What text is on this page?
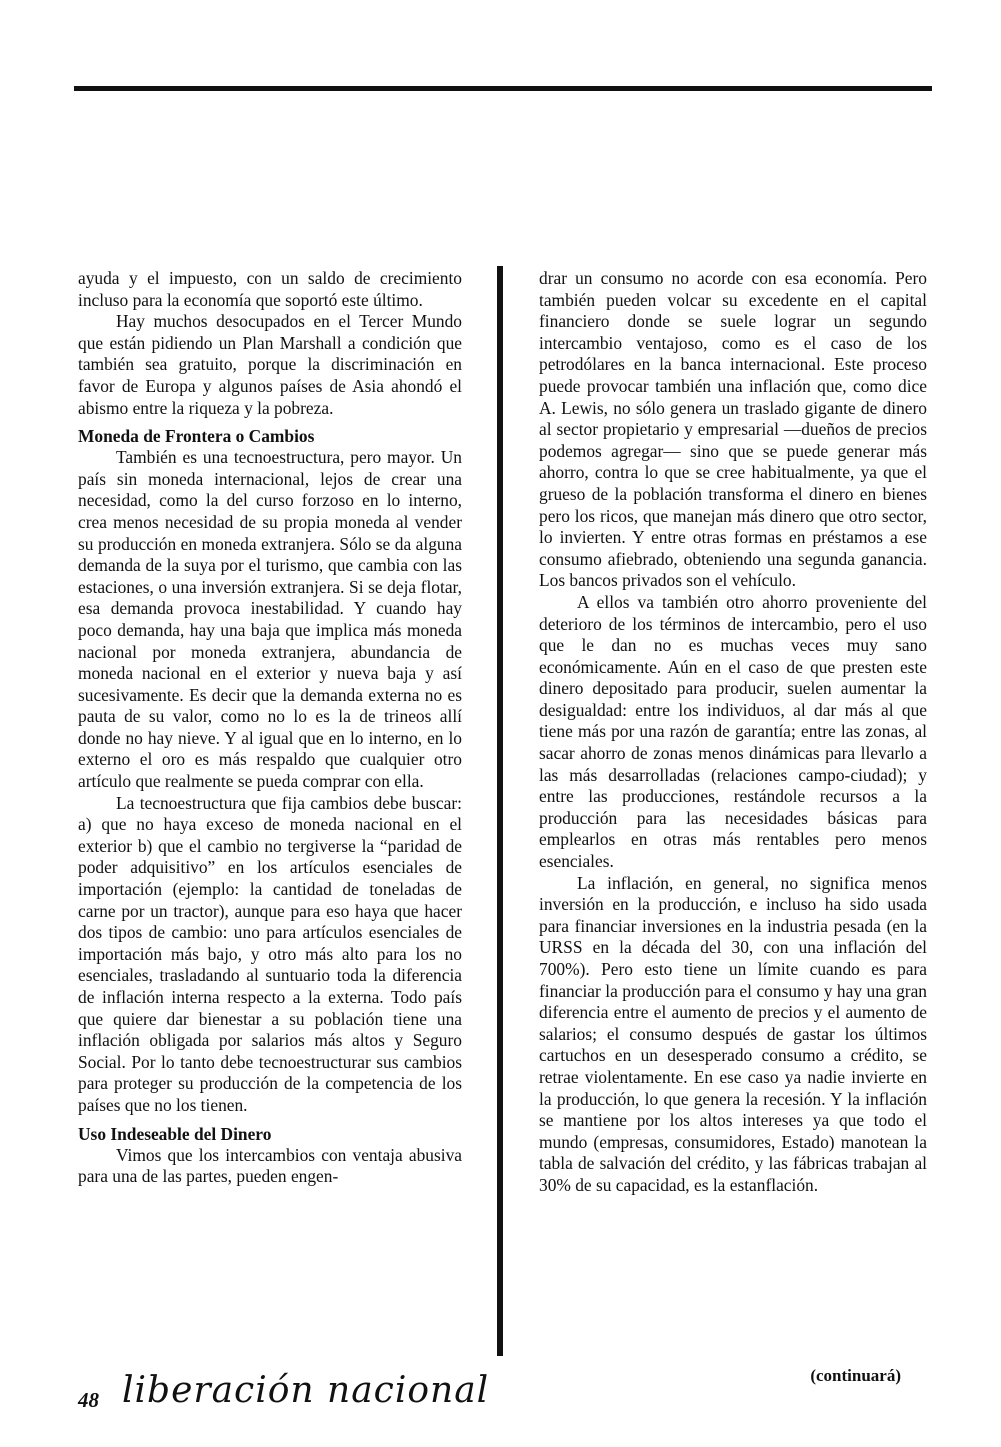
ayuda y el impuesto, con un saldo de crecimiento incluso para la economía que soportó este último.

Hay muchos desocupados en el Tercer Mundo que están pidiendo un Plan Marshall a condición que también sea gratuito, porque la discriminación en favor de Europa y algunos países de Asia ahondó el abismo entre la riqueza y la pobreza.

Moneda de Frontera o Cambios

También es una tecnoestructura, pero mayor. Un país sin moneda internacional, lejos de crear una necesidad, como la del curso forzoso en lo interno, crea menos necesidad de su propia moneda al vender su producción en moneda extranjera. Sólo se da alguna demanda de la suya por el turismo, que cambia con las estaciones, o una inversión extranjera. Si se deja flotar, esa demanda provoca inestabilidad. Y cuando hay poco demanda, hay una baja que implica más moneda nacional por moneda extranjera, abundancia de moneda nacional en el exterior y nueva baja y así sucesivamente. Es decir que la demanda externa no es pauta de su valor, como no lo es la de trineos allí donde no hay nieve. Y al igual que en lo interno, en lo externo el oro es más respaldo que cualquier otro artículo que realmente se pueda comprar con ella.

La tecnoestructura que fija cambios debe buscar: a) que no haya exceso de moneda nacional en el exterior b) que el cambio no tergiverse la “paridad de poder adquisitivo” en los artículos esenciales de importación (ejemplo: la cantidad de toneladas de carne por un tractor), aunque para eso haya que hacer dos tipos de cambio: uno para artículos esenciales de importación más bajo, y otro más alto para los no esenciales, trasladando al suntuario toda la diferencia de inflación interna respecto a la externa. Todo país que quiere dar bienestar a su población tiene una inflación obligada por salarios más altos y Seguro Social. Por lo tanto debe tecnoestructurar sus cambios para proteger su producción de la competencia de los países que no los tienen.

Uso Indeseable del Dinero

Vimos que los intercambios con ventaja abusiva para una de las partes, pueden engen-

drar un consumo no acorde con esa economía. Pero también pueden volcar su excedente en el capital financiero donde se suele lograr un segundo intercambio ventajoso, como es el caso de los petrodólares en la banca internacional. Este proceso puede provocar también una inflación que, como dice A. Lewis, no sólo genera un traslado gigante de dinero al sector propietario y empresarial —dueños de precios podemos agregar— sino que se puede generar más ahorro, contra lo que se cree habitualmente, ya que el grueso de la población transforma el dinero en bienes pero los ricos, que manejan más dinero que otro sector, lo invierten. Y entre otras formas en préstamos a ese consumo afiebrado, obteniendo una segunda ganancia. Los bancos privados son el vehículo.

A ellos va también otro ahorro proveniente del deterioro de los términos de intercambio, pero el uso que le dan no es muchas veces muy sano económicamente. Aún en el caso de que presten este dinero depositado para producir, suelen aumentar la desigualdad: entre los individuos, al dar más al que tiene más por una razón de garantía; entre las zonas, al sacar ahorro de zonas menos dinámicas para llevarlo a las más desarrolladas (relaciones campo-ciudad); y entre las producciones, restándole recursos a la producción para las necesidades básicas para emplearlos en otras más rentables pero menos esenciales.

La inflación, en general, no significa menos inversión en la producción, e incluso ha sido usada para financiar inversiones en la industria pesada (en la URSS en la década del 30, con una inflación del 700%). Pero esto tiene un límite cuando es para financiar la producción para el consumo y hay una gran diferencia entre el aumento de precios y el aumento de salarios; el consumo después de gastar los últimos cartuchos en un desesperado consumo a crédito, se retrae violentamente. En ese caso ya nadie invierte en la producción, lo que genera la recesión. Y la inflación se mantiene por los altos intereses ya que todo el mundo (empresas, consumidores, Estado) manotean la tabla de salvación del crédito, y las fábricas trabajan al 30% de su capacidad, es la estanflación.

(continuará)
48 liberación nacional
